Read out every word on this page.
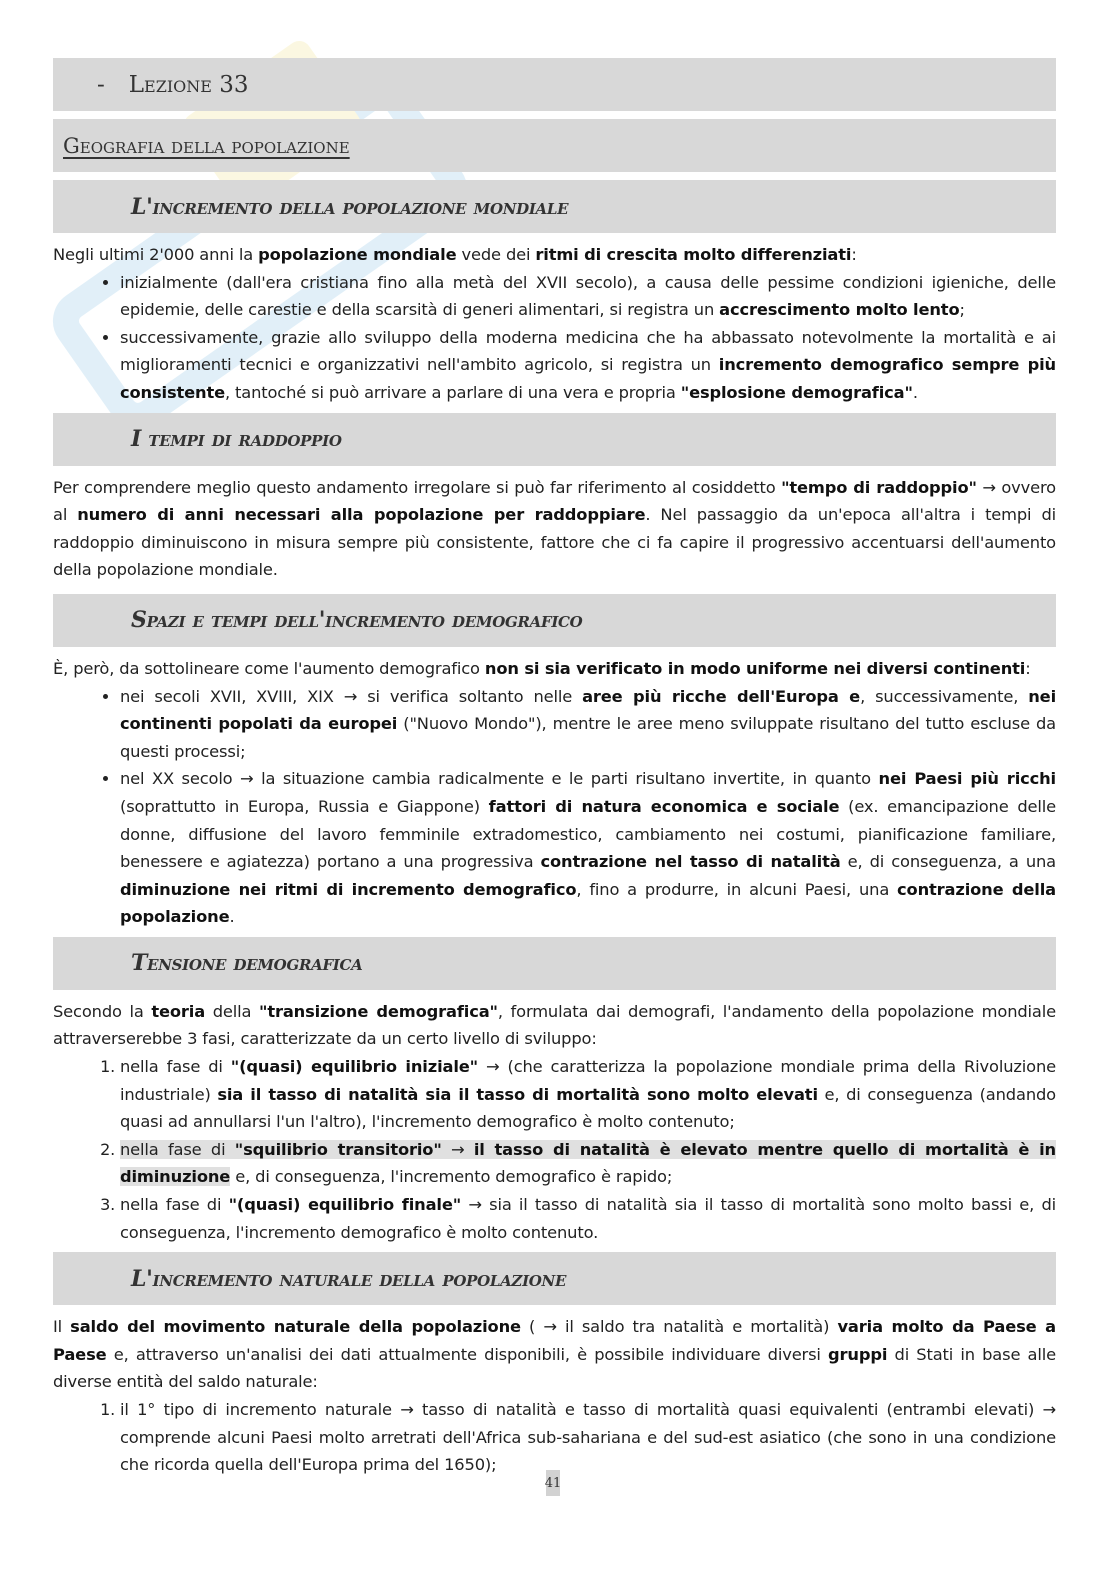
- Lezione 33
Geografia della popolazione
L'incremento della popolazione mondiale

Negli ultimi 2'000 anni la popolazione mondiale vede dei ritmi di crescita molto differenziati:

• inizialmente (dall'era cristiana fino alla metà del XVII secolo), a causa delle pessime condizioni igieniche, delle epidemie, delle carestie e della scarsità di generi alimentari, si registra un accrescimento molto lento;
• successivamente, grazie allo sviluppo della moderna medicina che ha abbassato notevolmente la mortalità e ai miglioramenti tecnici e organizzativi nell'ambito agricolo, si registra un incremento demografico sempre più consistente, tantoché si può arrivare a parlare di una vera e propria "esplosione demografica".
I tempi di raddoppio

Per comprendere meglio questo andamento irregolare si può far riferimento al cosiddetto "tempo di raddoppio" → ovvero al numero di anni necessari alla popolazione per raddoppiare. Nel passaggio da un'epoca all'altra i tempi di raddoppio diminuiscono in misura sempre più consistente, fattore che ci fa capire il progressivo accentuarsi dell'aumento della popolazione mondiale.

Spazi e tempi dell'incremento demografico

È, però, da sottolineare come l'aumento demografico non si sia verificato in modo uniforme nei diversi continenti:

• nei secoli XVII, XVIII, XIX → si verifica soltanto nelle aree più ricche dell'Europa e, successivamente, nei continenti popolati da europei ("Nuovo Mondo"), mentre le aree meno sviluppate risultano del tutto escluse da questi processi;
• nel XX secolo → la situazione cambia radicalmente e le parti risultano invertite, in quanto nei Paesi più ricchi (soprattutto in Europa, Russia e Giappone) fattori di natura economica e sociale (ex. emancipazione delle donne, diffusione del lavoro femminile extradomestico, cambiamento nei costumi, pianificazione familiare, benessere e agiatezza) portano a una progressiva contrazione nel tasso di natalità e, di conseguenza, a una diminuzione nei ritmi di incremento demografico, fino a produrre, in alcuni Paesi, una contrazione della popolazione.
Tensione demografica

Secondo la teoria della "transizione demografica", formulata dai demografi, l'andamento della popolazione mondiale attraverserebbe 3 fasi, caratterizzate da un certo livello di sviluppo:

1. nella fase di "(quasi) equilibrio iniziale" → (che caratterizza la popolazione mondiale prima della Rivoluzione industriale) sia il tasso di natalità sia il tasso di mortalità sono molto elevati e, di conseguenza (andando quasi ad annullarsi l'un l'altro), l'incremento demografico è molto contenuto;
2. nella fase di "squilibrio transitorio" → il tasso di natalità è elevato mentre quello di mortalità è in diminuzione e, di conseguenza, l'incremento demografico è rapido;
3. nella fase di "(quasi) equilibrio finale" → sia il tasso di natalità sia il tasso di mortalità sono molto bassi e, di conseguenza, l'incremento demografico è molto contenuto.
L'incremento naturale della popolazione

Il saldo del movimento naturale della popolazione ( → il saldo tra natalità e mortalità) varia molto da Paese a Paese e, attraverso un'analisi dei dati attualmente disponibili, è possibile individuare diversi gruppi di Stati in base alle diverse entità del saldo naturale:

1. il 1° tipo di incremento naturale → tasso di natalità e tasso di mortalità quasi equivalenti (entrambi elevati) → comprende alcuni Paesi molto arretrati dell'Africa sub-sahariana e del sud-est asiatico (che sono in una condizione che ricorda quella dell'Europa prima del 1650);
41
